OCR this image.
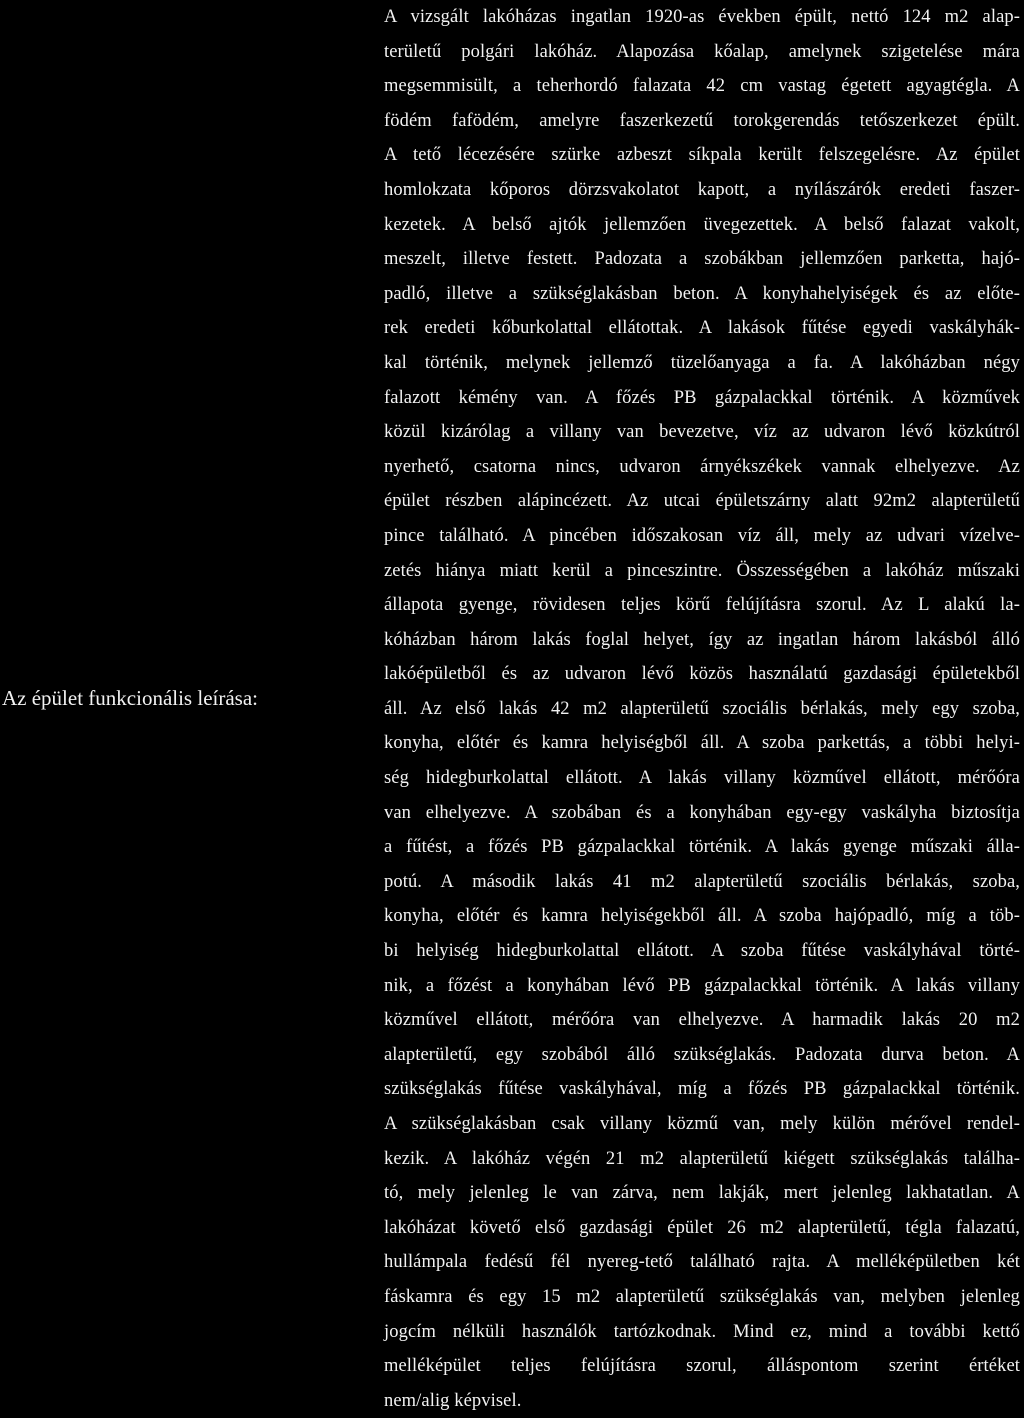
Az épület funkcionális leírása:
A vizsgált lakóházas ingatlan 1920-as években épült, nettó 124 m2 alap-
területű polgári lakóház. Alapozása kőalap, amelynek szigetelése mára
megsemmisült, a teherhordó falazata 42 cm vastag égetett agyagtégla. A
födém fafödém, amelyre faszerkezetű torokgerendás tetőszerkezet épült.
A tető lécezésére szürke azbeszt síkpala került felszegelésre. Az épület
homlokzata kőporos dörzsvakolatot kapott, a nyílászárók eredeti faszer-
kezetek. A belső ajtók jellemzően üvegezettek. A belső falazat vakolt,
meszelt, illetve festett. Padozata a szobákban jellemzően parketta, hajó-
padló, illetve a szükséglakásban beton. A konyhahelyiségek és az előte-
rek eredeti kőburkolattal ellátottak. A lakások fűtése egyedi vaskályhák-
kal történik, melynek jellemző tüzelőanyaga a fa. A lakóházban négy
falazott kémény van. A főzés PB gázpalackkal történik. A közművek
közül kizárólag a villany van bevezetve, víz az udvaron lévő közkútról
nyerhető, csatorna nincs, udvaron árnyékszékek vannak elhelyezve. Az
épület részben alápincézett. Az utcai épületszárny alatt 92m2 alapterületű
pince található. A pincében időszakosan víz áll, mely az udvari vízelve-
zetés hiánya miatt kerül a pinceszintre. Összességében a lakóház műszaki
állapota gyenge, rövidesen teljes körű felújításra szorul. Az L alakú la-
kóházban három lakás foglal helyet, így az ingatlan három lakásból álló
lakóépületből és az udvaron lévő közös használatú gazdasági épületekből
áll. Az első lakás 42 m2 alapterületű szociális bérlakás, mely egy szoba,
konyha, előtér és kamra helyiségből áll. A szoba parkettás, a többi helyi-
ség hidegburkolattal ellátott. A lakás villany közművel ellátott, mérőóra
van elhelyezve. A szobában és a konyhában egy-egy vaskályha biztosítja
a fűtést, a főzés PB gázpalackkal történik. A lakás gyenge műszaki álla-
potú. A második lakás 41 m2 alapterületű szociális bérlakás, szoba,
konyha, előtér és kamra helyiségekből áll. A szoba hajópadló, míg a töb-
bi helyiség hidegburkolattal ellátott. A szoba fűtése vaskályhával törté-
nik, a főzést a konyhában lévő PB gázpalackkal történik. A lakás villany
közművel ellátott, mérőóra van elhelyezve. A harmadik lakás 20 m2
alapterületű, egy szobából álló szükséglakás. Padozata durva beton. A
szükséglakás fűtése vaskályhával, míg a főzés PB gázpalackkal történik.
A szükséglakásban csak villany közmű van, mely külön mérővel rendel-
kezik. A lakóház végén 21 m2 alapterületű kiégett szükséglakás találha-
tó, mely jelenleg le van zárva, nem lakják, mert jelenleg lakhatatlan. A
lakóházat követő első gazdasági épület 26 m2 alapterületű, tégla falazatú,
hullámpala fedésű fél nyereg-tető található rajta. A melléképületben két
fáskamra és egy 15 m2 alapterületű szükséglakás van, melyben jelenleg
jogcím nélküli használók tartózkodnak. Mind ez, mind a további kettő
melléképület teljes felújításra szorul, álláspontom szerint értéket
nem/alig képvisel.
